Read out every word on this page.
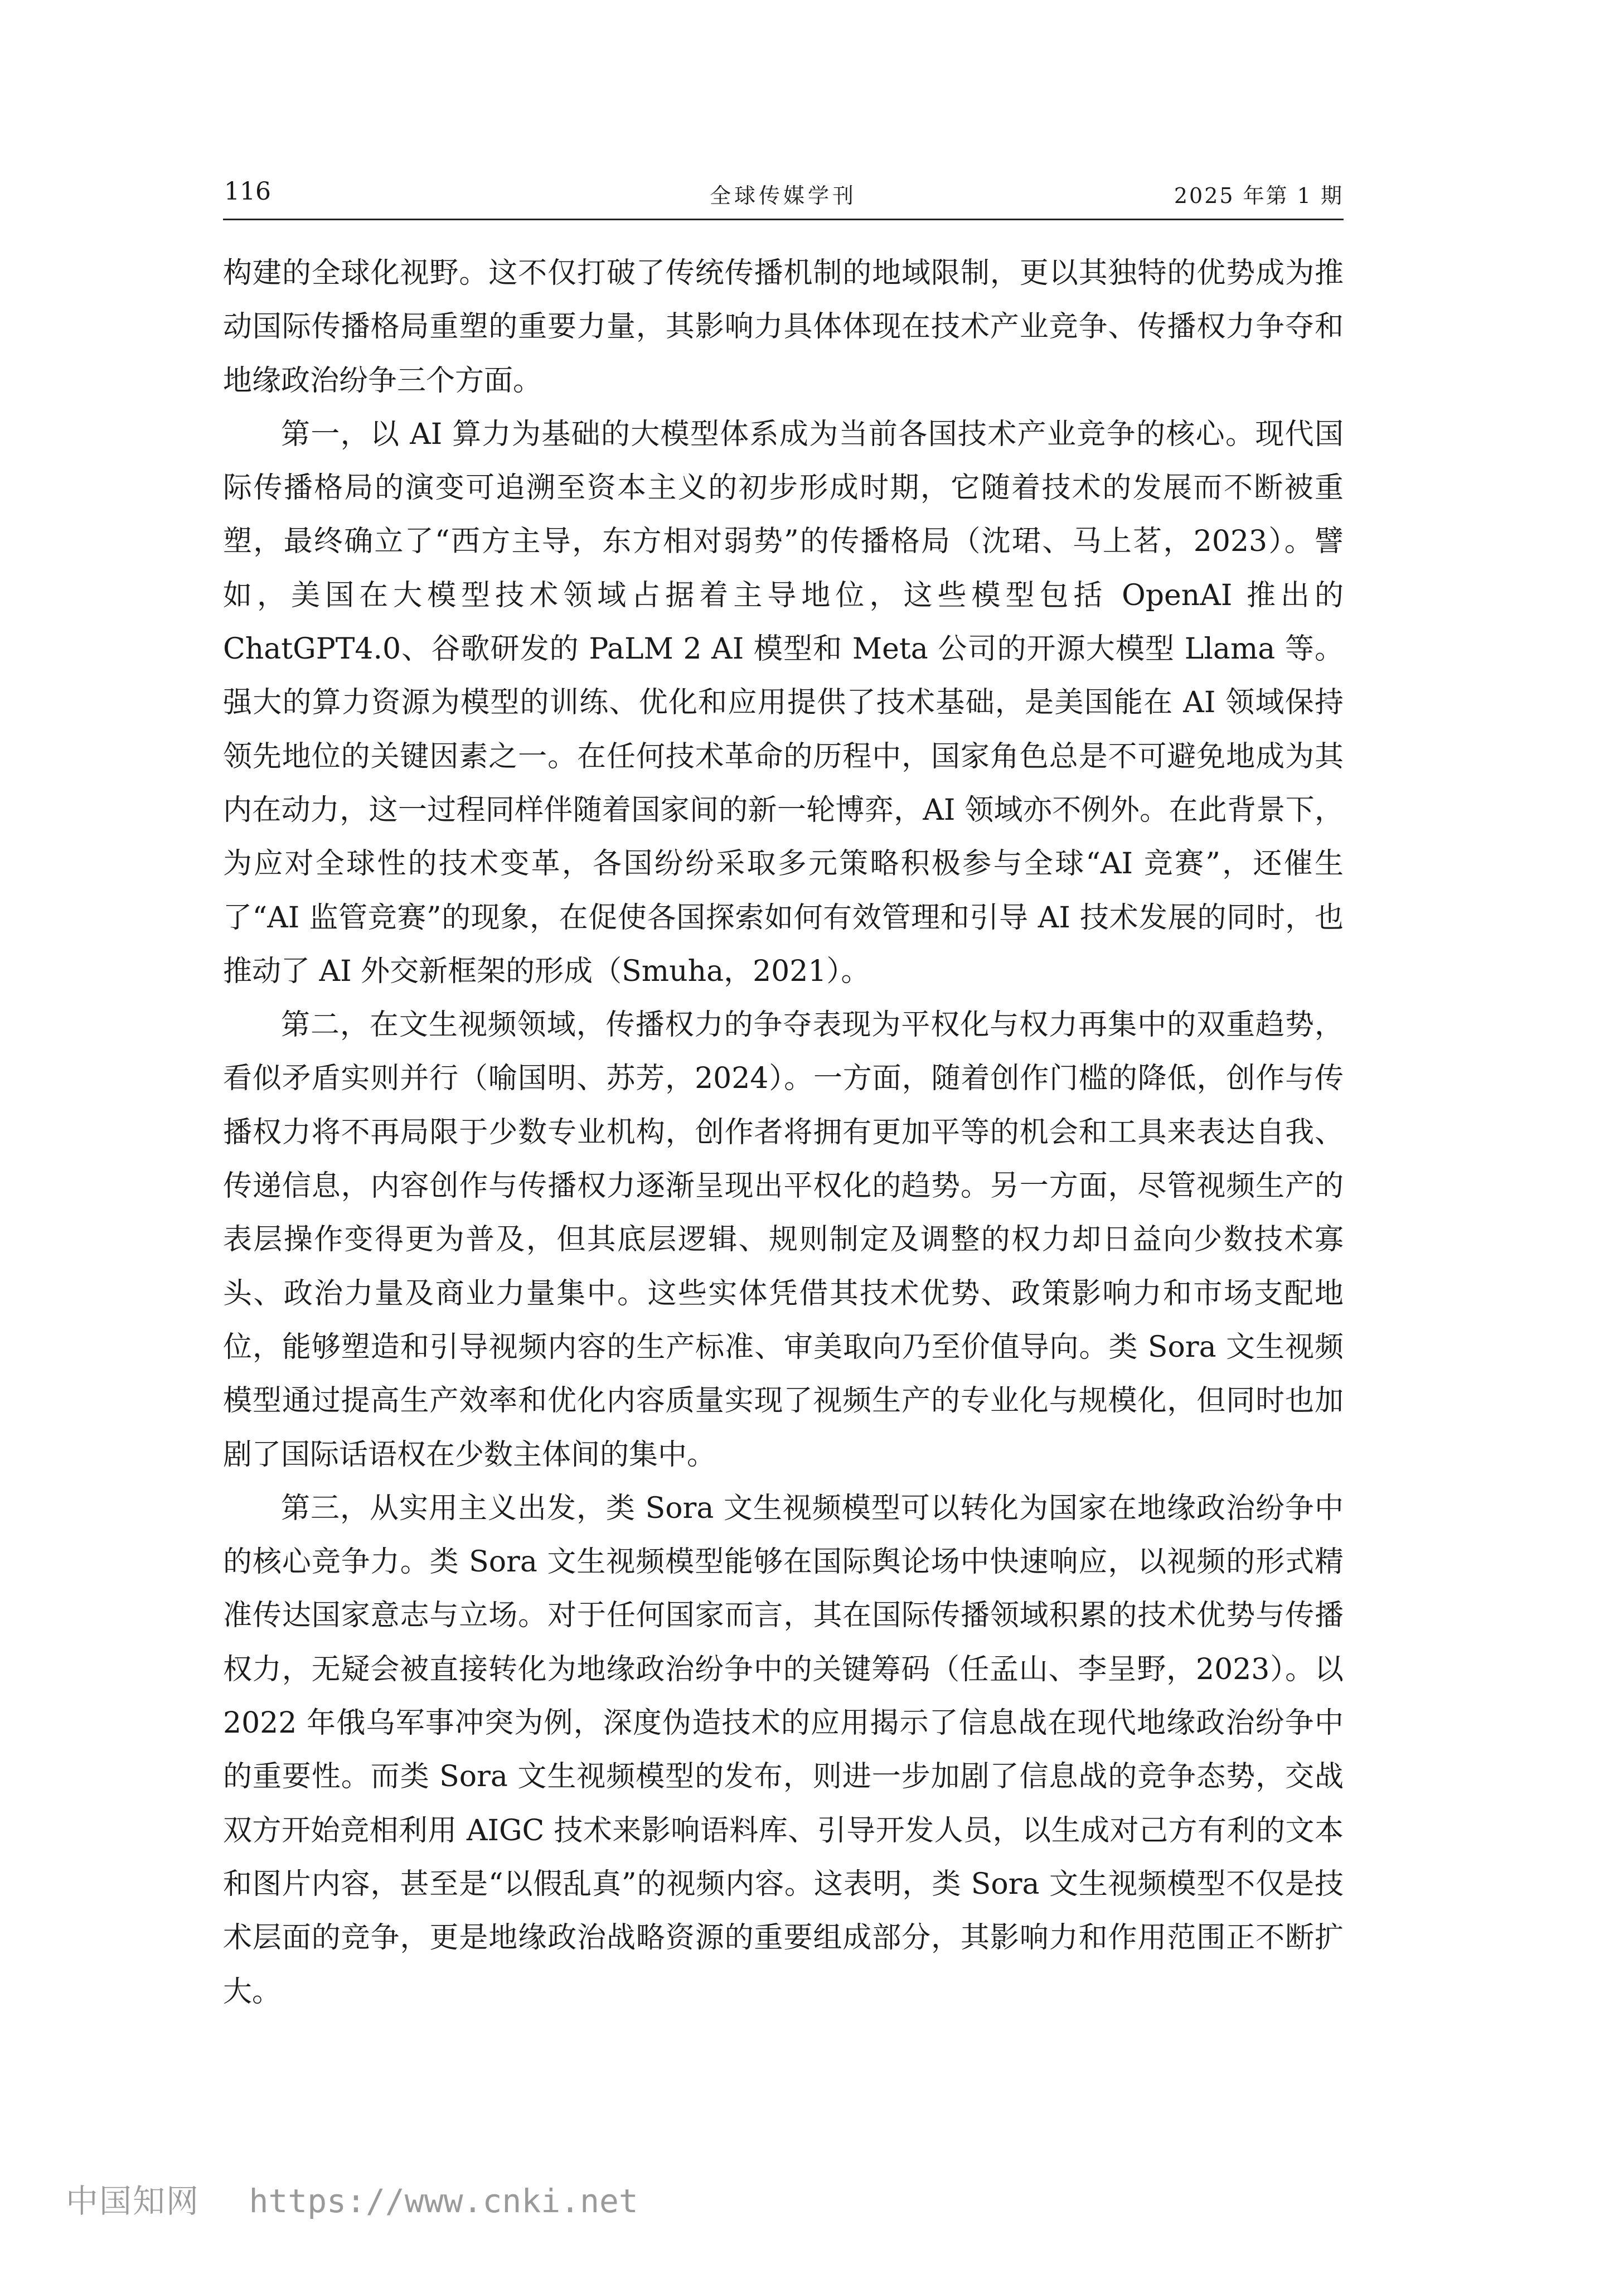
116	全球传媒学刊	2025 年第 1 期

构建的全球化视野。这不仅打破了传统传播机制的地域限制，更以其独特的优势成为推动国际传播格局重塑的重要力量，其影响力具体体现在技术产业竞争、传播权力争夺和地缘政治纷争三个方面。

第一，以 AI 算力为基础的大模型体系成为当前各国技术产业竞争的核心。现代国际传播格局的演变可追溯至资本主义的初步形成时期，它随着技术的发展而不断被重塑，最终确立了“西方主导，东方相对弱势”的传播格局（沈珺、马上茗，2023）。譬如，美国在大模型技术领域占据着主导地位，这些模型包括 OpenAI 推出的 ChatGPT4.0、谷歌研发的 PaLM 2 AI 模型和 Meta 公司的开源大模型 Llama 等。强大的算力资源为模型的训练、优化和应用提供了技术基础，是美国能在 AI 领域保持领先地位的关键因素之一。在任何技术革命的历程中，国家角色总是不可避免地成为其内在动力，这一过程同样伴随着国家间的新一轮博弈，AI 领域亦不例外。在此背景下，为应对全球性的技术变革，各国纷纷采取多元策略积极参与全球“AI 竞赛”，还催生了“AI 监管竞赛”的现象，在促使各国探索如何有效管理和引导 AI 技术发展的同时，也推动了 AI 外交新框架的形成（Smuha，2021）。

第二，在文生视频领域，传播权力的争夺表现为平权化与权力再集中的双重趋势，看似矛盾实则并行（喻国明、苏芳，2024）。一方面，随着创作门槛的降低，创作与传播权力将不再局限于少数专业机构，创作者将拥有更加平等的机会和工具来表达自我、传递信息，内容创作与传播权力逐渐呈现出平权化的趋势。另一方面，尽管视频生产的表层操作变得更为普及，但其底层逻辑、规则制定及调整的权力却日益向少数技术寡头、政治力量及商业力量集中。这些实体凭借其技术优势、政策影响力和市场支配地位，能够塑造和引导视频内容的生产标准、审美取向乃至价值导向。类 Sora 文生视频模型通过提高生产效率和优化内容质量实现了视频生产的专业化与规模化，但同时也加剧了国际话语权在少数主体间的集中。

第三，从实用主义出发，类 Sora 文生视频模型可以转化为国家在地缘政治纷争中的核心竞争力。类 Sora 文生视频模型能够在国际舆论场中快速响应，以视频的形式精准传达国家意志与立场。对于任何国家而言，其在国际传播领域积累的技术优势与传播权力，无疑会被直接转化为地缘政治纷争中的关键筹码（任孟山、李呈野，2023）。以 2022 年俄乌军事冲突为例，深度伪造技术的应用揭示了信息战在现代地缘政治纷争中的重要性。而类 Sora 文生视频模型的发布，则进一步加剧了信息战的竞争态势，交战双方开始竞相利用 AIGC 技术来影响语料库、引导开发人员，以生成对己方有利的文本和图片内容，甚至是“以假乱真”的视频内容。这表明，类 Sora 文生视频模型不仅是技术层面的竞争，更是地缘政治战略资源的重要组成部分，其影响力和作用范围正不断扩大。

中国知网 https://www.cnki.net
